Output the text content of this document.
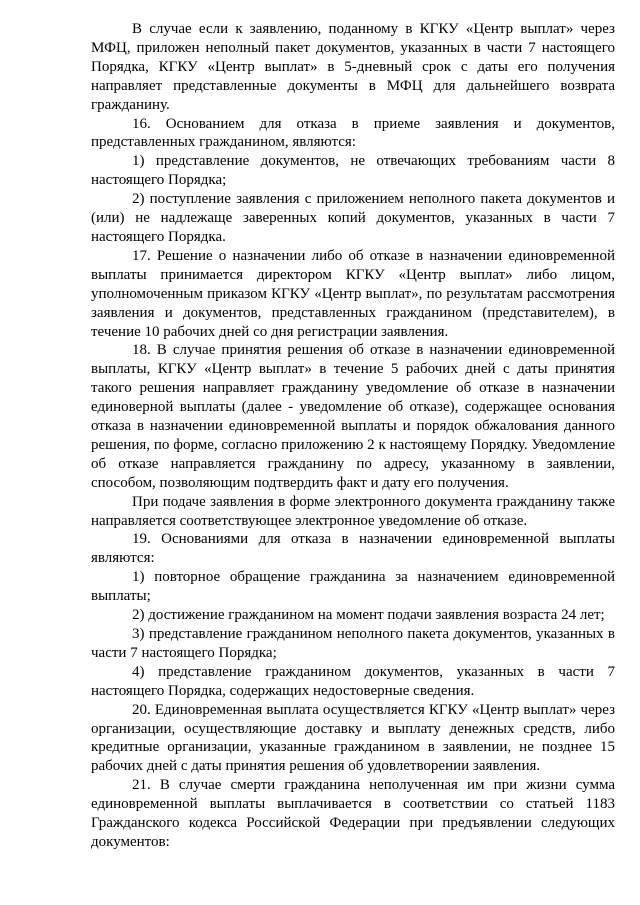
В случае если к заявлению, поданному в КГКУ «Центр выплат» через МФЦ, приложен неполный пакет документов, указанных в части 7 настоящего Порядка, КГКУ «Центр выплат» в 5-дневный срок с даты его получения направляет представленные документы в МФЦ для дальнейшего возврата гражданину.

16. Основанием для отказа в приеме заявления и документов, представленных гражданином, являются:

1) представление документов, не отвечающих требованиям части 8 настоящего Порядка;

2) поступление заявления с приложением неполного пакета документов и (или) не надлежаще заверенных копий документов, указанных в части 7 настоящего Порядка.

17. Решение о назначении либо об отказе в назначении единовременной выплаты принимается директором КГКУ «Центр выплат» либо лицом, уполномоченным приказом КГКУ «Центр выплат», по результатам рассмотрения заявления и документов, представленных гражданином (представителем), в течение 10 рабочих дней со дня регистрации заявления.

18. В случае принятия решения об отказе в назначении единовременной выплаты, КГКУ «Центр выплат» в течение 5 рабочих дней с даты принятия такого решения направляет гражданину уведомление об отказе в назначении единоверной выплаты (далее - уведомление об отказе), содержащее основания отказа в назначении единовременной выплаты и порядок обжалования данного решения, по форме, согласно приложению 2 к настоящему Порядку. Уведомление об отказе направляется гражданину по адресу, указанному в заявлении, способом, позволяющим подтвердить факт и дату его получения.

При подаче заявления в форме электронного документа гражданину также направляется соответствующее электронное уведомление об отказе.

19. Основаниями для отказа в назначении единовременной выплаты являются:

1) повторное обращение гражданина за назначением единовременной выплаты;

2) достижение гражданином на момент подачи заявления возраста 24 лет;

3) представление гражданином неполного пакета документов, указанных в части 7 настоящего Порядка;

4) представление гражданином документов, указанных в части 7 настоящего Порядка, содержащих недостоверные сведения.

20. Единовременная выплата осуществляется КГКУ «Центр выплат» через организации, осуществляющие доставку и выплату денежных средств, либо кредитные организации, указанные гражданином в заявлении, не позднее 15 рабочих дней с даты принятия решения об удовлетворении заявления.

21. В случае смерти гражданина неполученная им при жизни сумма единовременной выплаты выплачивается в соответствии со статьей 1183 Гражданского кодекса Российской Федерации при предъявлении следующих документов:
